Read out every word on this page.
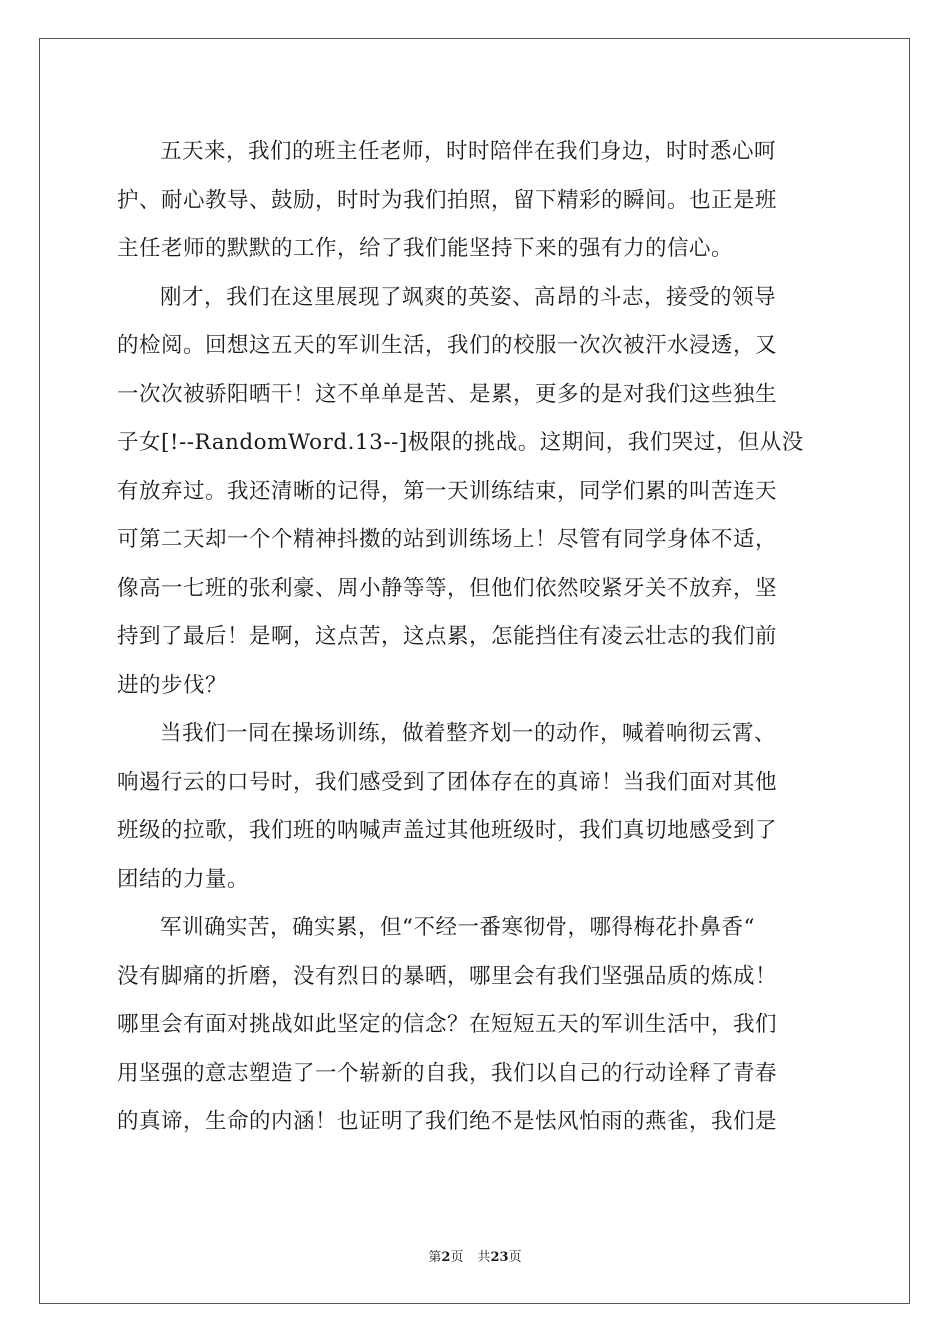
五天来，我们的班主任老师，时时陪伴在我们身边，时时悉心呵
护、耐心教导、鼓励，时时为我们拍照，留下精彩的瞬间。也正是班
主任老师的默默的工作，给了我们能坚持下来的强有力的信心。
刚才，我们在这里展现了飒爽的英姿、高昂的斗志，接受的领导
的检阅。回想这五天的军训生活，我们的校服一次次被汗水浸透，又
一次次被骄阳晒干！这不单单是苦、是累，更多的是对我们这些独生
子女[!--RandomWord.13--]极限的挑战。这期间，我们哭过，但从没
有放弃过。我还清晰的记得，第一天训练结束，同学们累的叫苦连天
可第二天却一个个精神抖擞的站到训练场上！尽管有同学身体不适，
像高一七班的张利豪、周小静等等，但他们依然咬紧牙关不放弃，坚
持到了最后！是啊，这点苦，这点累，怎能挡住有凌云壮志的我们前
进的步伐？
当我们一同在操场训练，做着整齐划一的动作，喊着响彻云霄、
响遏行云的口号时，我们感受到了团体存在的真谛！当我们面对其他
班级的拉歌，我们班的呐喊声盖过其他班级时，我们真切地感受到了
团结的力量。
军训确实苦，确实累，但“不经一番寒彻骨，哪得梅花扑鼻香“
没有脚痛的折磨，没有烈日的暴晒，哪里会有我们坚强品质的炼成！
哪里会有面对挑战如此坚定的信念？在短短五天的军训生活中，我们
用坚强的意志塑造了一个崭新的自我，我们以自己的行动诠释了青春
的真谛，生命的内涵！也证明了我们绝不是怯风怕雨的燕雀，我们是
第2页 共23页
